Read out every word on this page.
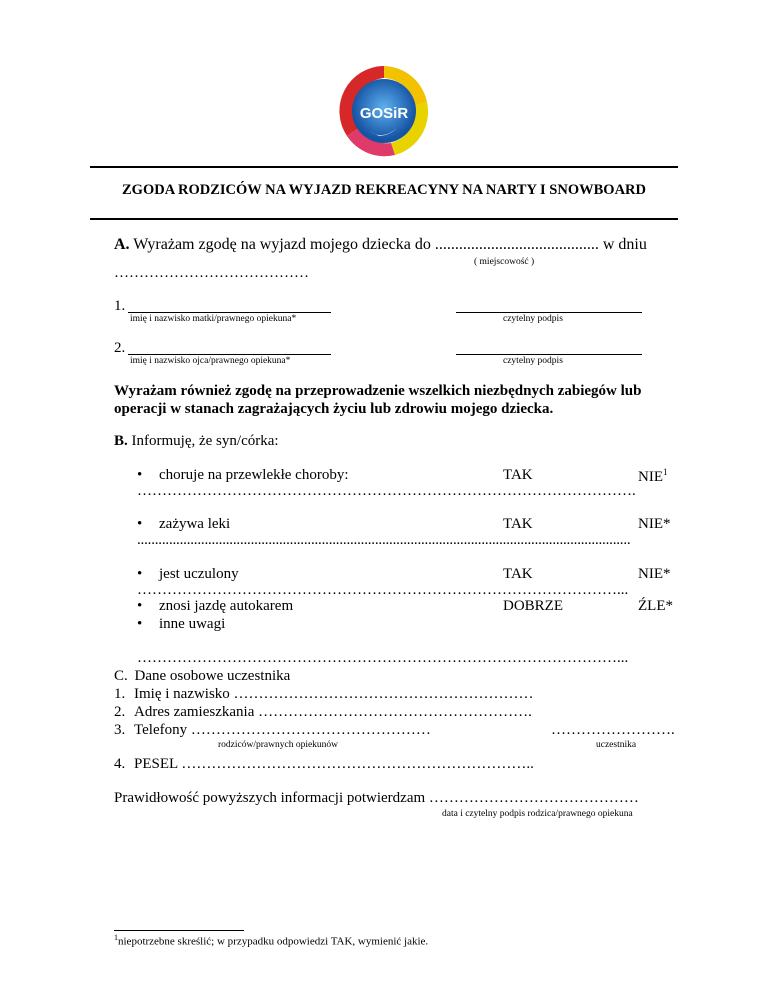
GOSiR
ZGODA RODZICÓW NA WYJAZD REKREACYNY NA NARTY I SNOWBOARD
A. Wyrażam zgodę na wyjazd mojego dziecka do ......................................... w dniu
( miejscowość )
…………………………………
1.
imię i nazwisko matki/prawnego opiekuna*	czytelny podpis
2.
imię i nazwisko ojca/prawnego opiekuna*	czytelny podpis
Wyrażam również zgodę na przeprowadzenie wszelkich niezbędnych zabiegów lub
operacji w stanach zagrażających życiu lub zdrowiu mojego dziecka.
B. Informuję, że syn/córka:
• choruje na przewlekłe choroby:	TAK	NIE$^1$
……………………………………………………………………………………….
• zażywa leki	TAK	NIE*
...........................................................................................................................................
• jest uczulony	TAK	NIE*
……………………………………………………………………………………...
• znosi jazdę autokarem	DOBRZE	ŹLE*
• inne uwagi
……………………………………………………………………………………...
C. Dane osobowe uczestnika
1. Imię i nazwisko ……………………………………………………
2. Adres zamieszkania ……………………………………………….
3. Telefony …………………………………………	…………………….
rodziców/prawnych opiekunów	uczestnika
4. PESEL ……………………………………………………………..
Prawidłowość powyższych informacji potwierdzam ……………………………………
data i czytelny podpis rodzica/prawnego opiekuna
$^1$niepotrzebne skreślić; w przypadku odpowiedzi TAK, wymienić jakie.
